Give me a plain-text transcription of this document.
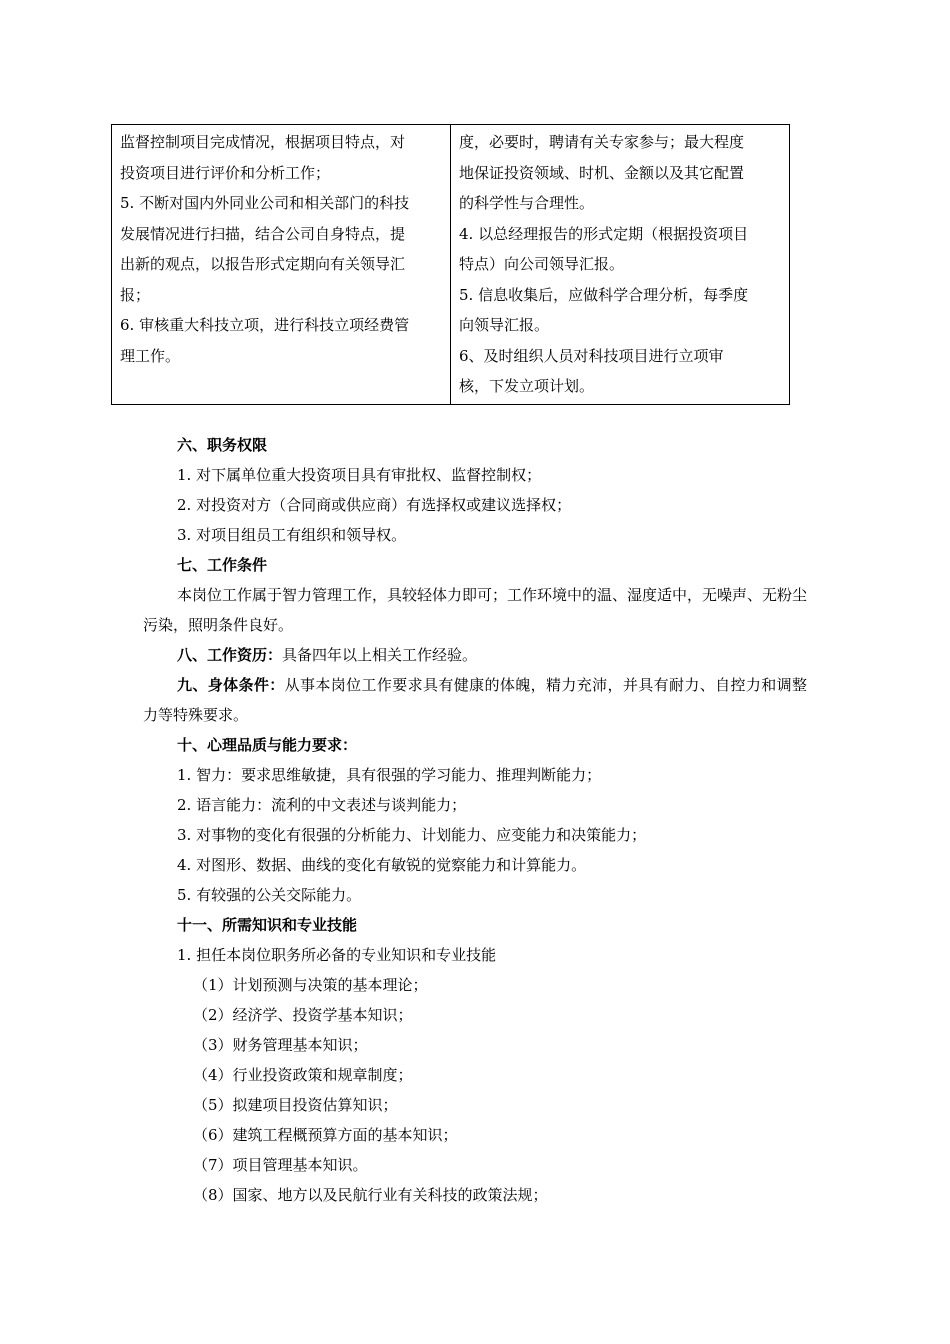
监督控制项目完成情况，根据项目特点，对
投资项目进行评价和分析工作；
5. 不断对国内外同业公司和相关部门的科技
发展情况进行扫描，结合公司自身特点，提
出新的观点，以报告形式定期向有关领导汇
报；
6. 审核重大科技立项，进行科技立项经费管
理工作。

度，必要时，聘请有关专家参与；最大程度
地保证投资领域、时机、金额以及其它配置
的科学性与合理性。
4. 以总经理报告的形式定期（根据投资项目
特点）向公司领导汇报。
5. 信息收集后，应做科学合理分析，每季度
向领导汇报。
6、及时组织人员对科技项目进行立项审
核，下发立项计划。

六、职务权限

1. 对下属单位重大投资项目具有审批权、监督控制权；

2. 对投资对方（合同商或供应商）有选择权或建议选择权；

3. 对项目组员工有组织和领导权。

七、工作条件

本岗位工作属于智力管理工作，具较轻体力即可；工作环境中的温、湿度适中，无噪声、无粉尘污染，照明条件良好。

八、工作资历：具备四年以上相关工作经验。

九、身体条件：从事本岗位工作要求具有健康的体魄，精力充沛，并具有耐力、自控力和调整力等特殊要求。

十、心理品质与能力要求：

1. 智力：要求思维敏捷，具有很强的学习能力、推理判断能力；

2. 语言能力：流利的中文表述与谈判能力；

3. 对事物的变化有很强的分析能力、计划能力、应变能力和决策能力；

4. 对图形、数据、曲线的变化有敏锐的觉察能力和计算能力。

5. 有较强的公关交际能力。

十一、所需知识和专业技能

1. 担任本岗位职务所必备的专业知识和专业技能

（1）计划预测与决策的基本理论；

（2）经济学、投资学基本知识；

（3）财务管理基本知识；

（4）行业投资政策和规章制度；

（5）拟建项目投资估算知识；

（6）建筑工程概预算方面的基本知识；

（7）项目管理基本知识。

（8）国家、地方以及民航行业有关科技的政策法规；
